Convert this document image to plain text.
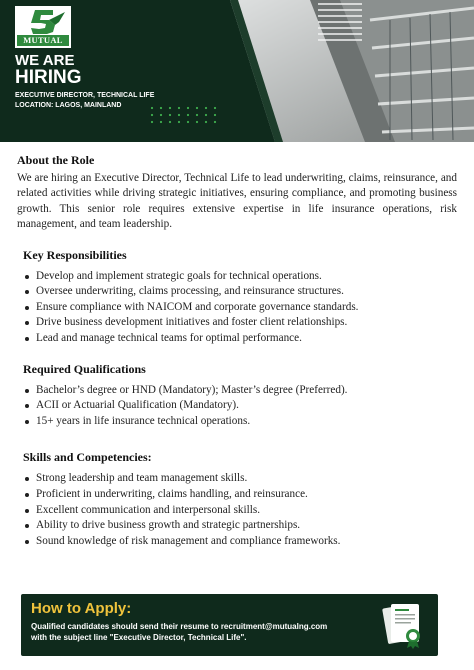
MUTUAL
WE ARE
HIRING
EXECUTIVE DIRECTOR, TECHNICAL LIFE
LOCATION: LAGOS, MAINLAND
About the Role

We are hiring an Executive Director, Technical Life to lead underwriting, claims, reinsurance, and related activities while driving strategic initiatives, ensuring compliance, and promoting business growth. This senior role requires extensive expertise in life insurance operations, risk management, and team leadership.

Key Responsibilities
Develop and implement strategic goals for technical operations.
Oversee underwriting, claims processing, and reinsurance structures.
Ensure compliance with NAICOM and corporate governance standards.
Drive business development initiatives and foster client relationships.
Lead and manage technical teams for optimal performance.
Required Qualifications
Bachelor’s degree or HND (Mandatory); Master’s degree (Preferred).
ACII or Actuarial Qualification (Mandatory).
15+ years in life insurance technical operations.
Skills and Competencies:
Strong leadership and team management skills.
Proficient in underwriting, claims handling, and reinsurance.
Excellent communication and interpersonal skills.
Ability to drive business growth and strategic partnerships.
Sound knowledge of risk management and compliance frameworks.
How to Apply:
Qualified candidates should send their resume to recruitment@mutualng.com
with the subject line "Executive Director, Technical Life".
